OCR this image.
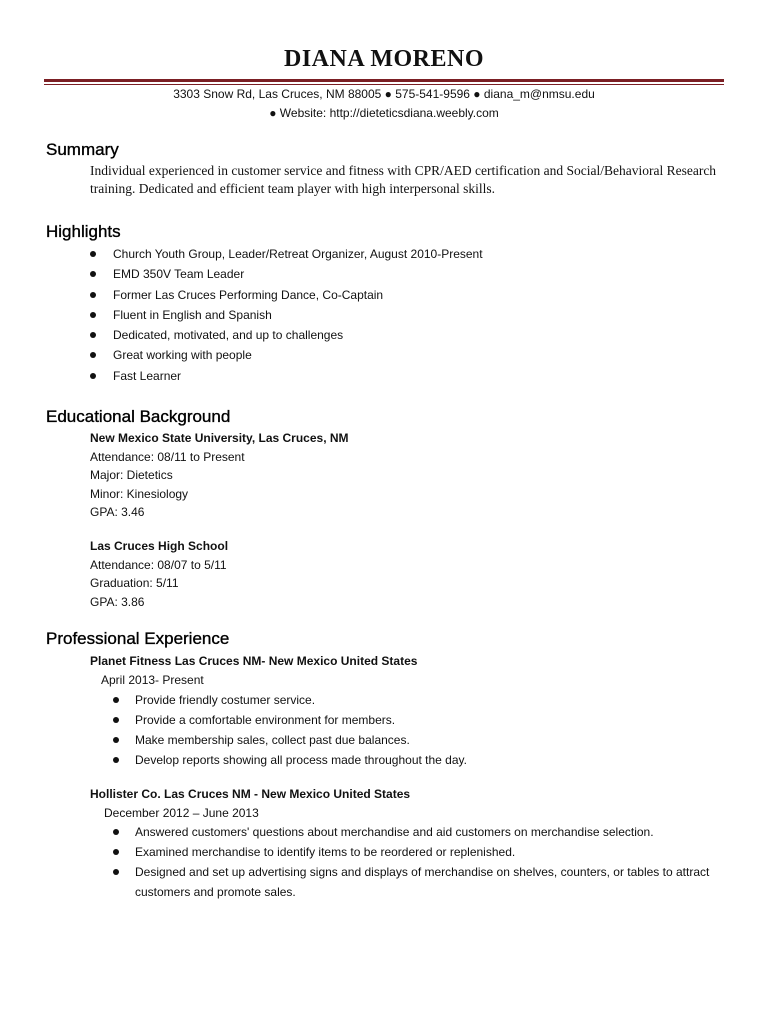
DIANA MORENO
3303 Snow Rd, Las Cruces, NM 88005 ● 575-541-9596 ● diana_m@nmsu.edu
● Website: http://dieteticsdiana.weebly.com
Summary
Individual experienced in customer service and fitness with CPR/AED certification and Social/Behavioral Research training. Dedicated and efficient team player with high interpersonal skills.
Highlights
Church Youth Group, Leader/Retreat Organizer, August 2010-Present
EMD 350V Team Leader
Former Las Cruces Performing Dance, Co-Captain
Fluent in English and Spanish
Dedicated, motivated, and up to challenges
Great working with people
Fast Learner
Educational Background
New Mexico State University, Las Cruces, NM
Attendance: 08/11 to Present
Major: Dietetics
Minor: Kinesiology
GPA: 3.46
Las Cruces High School
Attendance: 08/07 to 5/11
Graduation: 5/11
GPA: 3.86
Professional Experience
Planet Fitness Las Cruces NM- New Mexico United States
April 2013- Present
Provide friendly costumer service.
Provide a comfortable environment for members.
Make membership sales, collect past due balances.
Develop reports showing all process made throughout the day.
Hollister Co. Las Cruces NM - New Mexico United States
December 2012 – June 2013
Answered customers' questions about merchandise and aid customers on merchandise selection.
Examined merchandise to identify items to be reordered or replenished.
Designed and set up advertising signs and displays of merchandise on shelves, counters, or tables to attract customers and promote sales.
